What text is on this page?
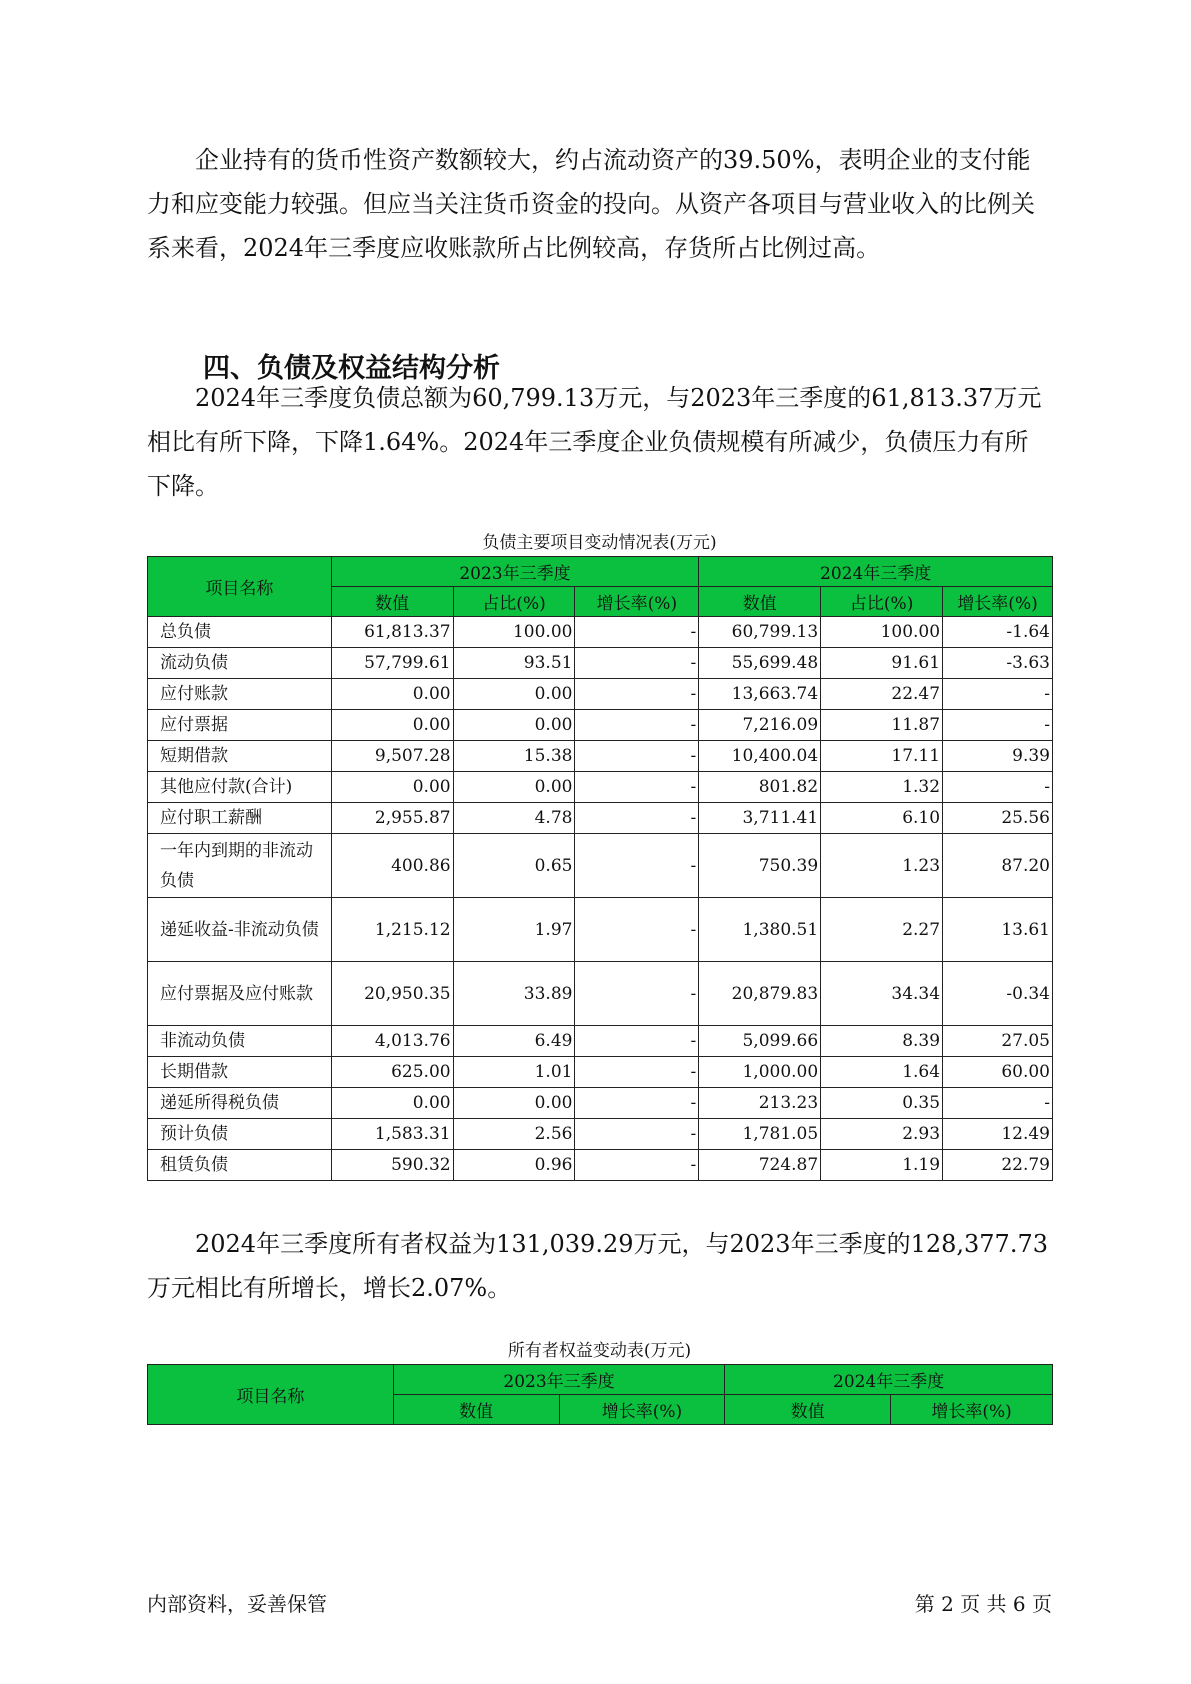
企业持有的货币性资产数额较大，约占流动资产的39.50%，表明企业的支付能力和应变能力较强。但应当关注货币资金的投向。从资产各项目与营业收入的比例关系来看，2024年三季度应收账款所占比例较高，存货所占比例过高。

四、负债及权益结构分析

2024年三季度负债总额为60,799.13万元，与2023年三季度的61,813.37万元相比有所下降，下降1.64%。2024年三季度企业负债规模有所减少，负债压力有所下降。

负债主要项目变动情况表(万元)
项目名称	2023年三季度			2024年三季度		
	数值	占比(%)	增长率(%)	数值	占比(%)	增长率(%)
总负债	61,813.37	100.00	-	60,799.13	100.00	-1.64
流动负债	57,799.61	93.51	-	55,699.48	91.61	-3.63
应付账款	0.00	0.00	-	13,663.74	22.47	-
应付票据	0.00	0.00	-	7,216.09	11.87	-
短期借款	9,507.28	15.38	-	10,400.04	17.11	9.39
其他应付款(合计)	0.00	0.00	-	801.82	1.32	-
应付职工薪酬	2,955.87	4.78	-	3,711.41	6.10	25.56
一年内到期的非流动负债	400.86	0.65	-	750.39	1.23	87.20
递延收益-非流动负债	1,215.12	1.97	-	1,380.51	2.27	13.61
应付票据及应付账款	20,950.35	33.89	-	20,879.83	34.34	-0.34
非流动负债	4,013.76	6.49	-	5,099.66	8.39	27.05
长期借款	625.00	1.01	-	1,000.00	1.64	60.00
递延所得税负债	0.00	0.00	-	213.23	0.35	-
预计负债	1,583.31	2.56	-	1,781.05	2.93	12.49
租赁负债	590.32	0.96	-	724.87	1.19	22.79

2024年三季度所有者权益为131,039.29万元，与2023年三季度的128,377.73万元相比有所增长，增长2.07%。

所有者权益变动表(万元)
项目名称	2023年三季度		2024年三季度	
	数值	增长率(%)	数值	增长率(%)
内部资料，妥善保管	第 2 页 共 6 页
